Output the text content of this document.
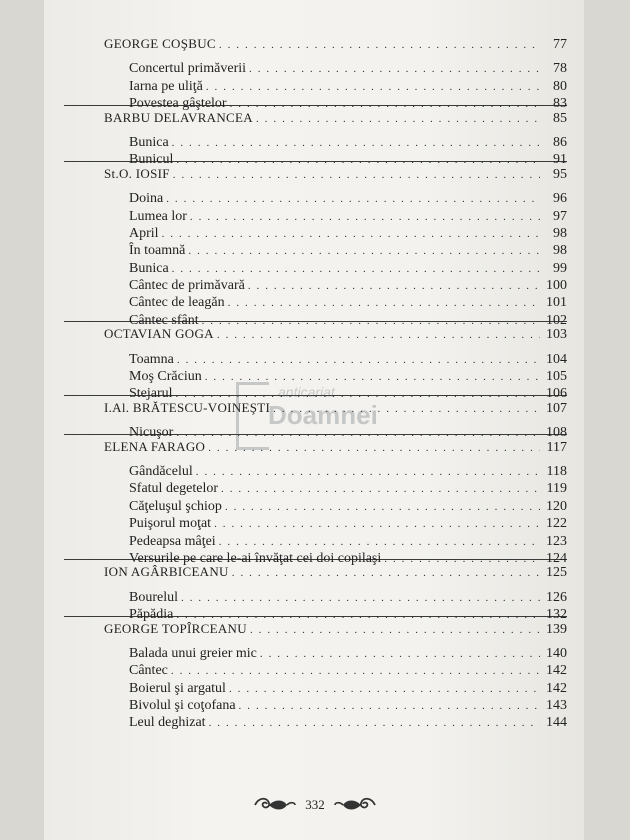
GEORGE COŞBUC . . .	77
Concertul primăverii . . .	78
Iarna pe uliţă . . .	80
Povestea gâştelor . . .	83
BARBU DELAVRANCEA . . .	85
Bunica . . .	86
Bunicul . . .	91
St.O. IOSIF . . .	95
Doina . . .	96
Lumea lor . . .	97
April . . .	98
În toamnă . . .	98
Bunica . . .	99
Cântec de primăvară . . .	100
Cântec de leagăn . . .	101
Cântec sfânt . . .	102
OCTAVIAN GOGA . . .	103
Toamna . . .	104
Moş Crăciun . . .	105
Stejarul . . .	106
I.Al. BRĂTESCU-VOINEŞTI . . .	107
Nicuşor . . .	108
ELENA FARAGO . . .	117
Gândăcelul . . .	118
Sfatul degetelor . . .	119
Căţeluşul şchiop . . .	120
Puişorul moţat . . .	122
Pedeapsa mâţei . . .	123
Versurile pe care le-ai învăţat cei doi copilaşi . . .	124
ION AGÂRBICEANU . . .	125
Bourelul . . .	126
Păpădia . . .	132
GEORGE TOPÎRCEANU . . .	139
Balada unui greier mic . . .	140
Cântec . . .	142
Boierul şi argatul . . .	142
Bivolul şi coţofana . . .	143
Leul deghizat . . .	144
anticariat
Doamnei
332
